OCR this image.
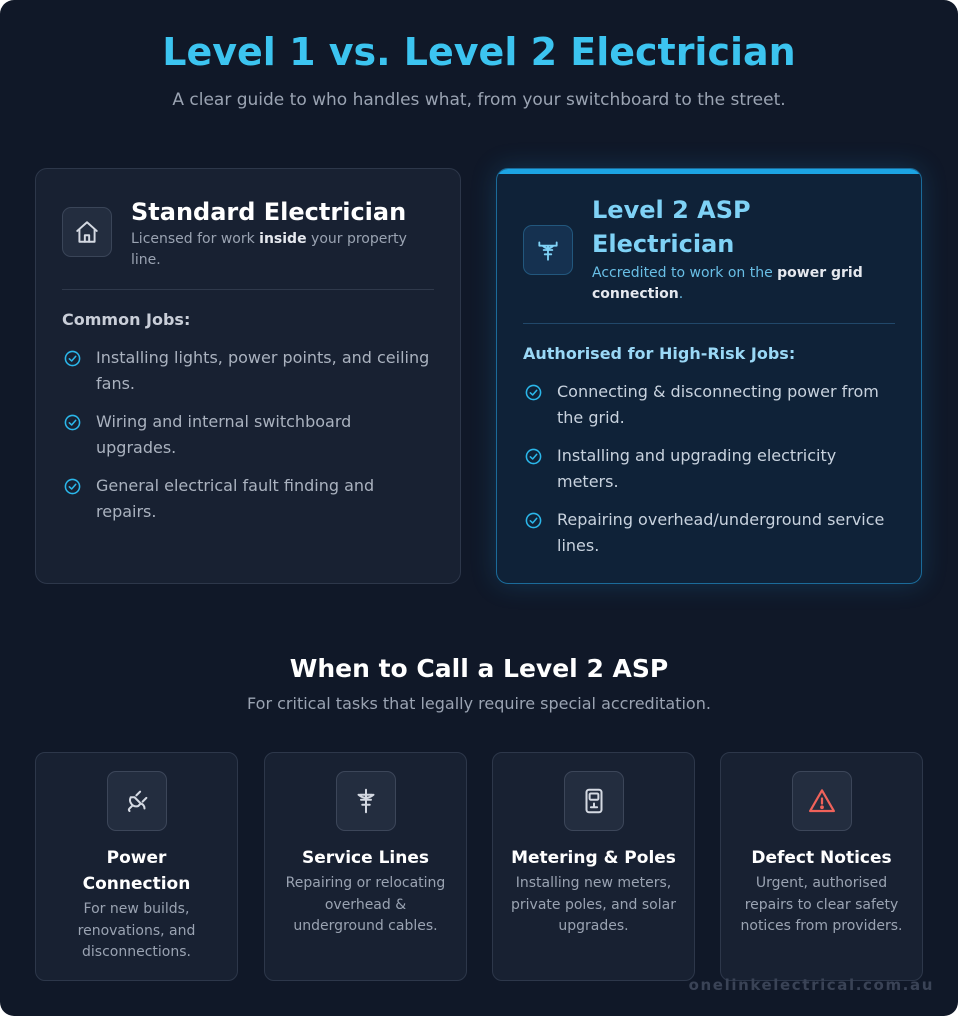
Level 1 vs. Level 2 Electrician

A clear guide to who handles what, from your switchboard to the street.

Standard Electrician
Licensed for work inside your property line.
Common Jobs:
Installing lights, power points, and ceiling fans.
Wiring and internal switchboard upgrades.
General electrical fault finding and repairs.
Level 2 ASP
Electrician
Accredited to work on the power grid connection.
Authorised for High-Risk Jobs:
Connecting & disconnecting power from the grid.
Installing and upgrading electricity meters.
Repairing overhead/underground service lines.
When to Call a Level 2 ASP

For critical tasks that legally require special accreditation.

Power Connection
For new builds, renovations, and disconnections.
Service Lines
Repairing or relocating overhead & underground cables.
Metering & Poles
Installing new meters, private poles, and solar upgrades.
Defect Notices
Urgent, authorised repairs to clear safety notices from providers.
onelinkelectrical.com.au
